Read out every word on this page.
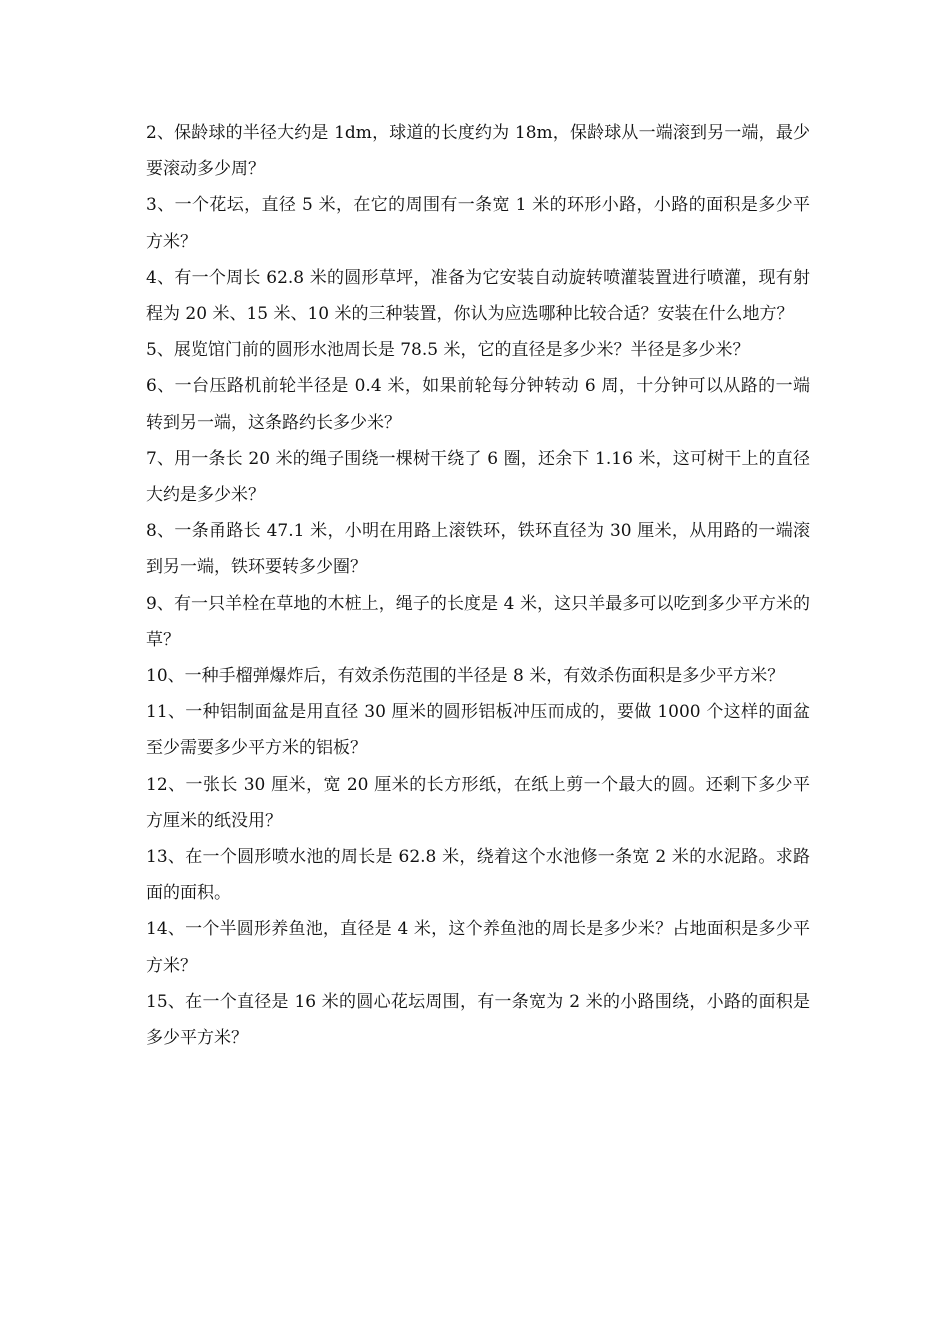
2、保龄球的半径大约是 1dm，球道的长度约为 18m，保龄球从一端滚到另一端，最少要滚动多少周？

3、一个花坛，直径 5 米，在它的周围有一条宽 1 米的环形小路，小路的面积是多少平方米？

4、有一个周长 62.8 米的圆形草坪，准备为它安装自动旋转喷灌装置进行喷灌，现有射程为 20 米、15 米、10 米的三种装置，你认为应选哪种比较合适？安装在什么地方？

5、展览馆门前的圆形水池周长是 78.5 米，它的直径是多少米？半径是多少米？

6、一台压路机前轮半径是 0.4 米，如果前轮每分钟转动 6 周，十分钟可以从路的一端转到另一端，这条路约长多少米？

7、用一条长 20 米的绳子围绕一棵树干绕了 6 圈，还余下 1.16 米，这可树干上的直径大约是多少米？

8、一条甬路长 47.1 米，小明在用路上滚铁环，铁环直径为 30 厘米，从用路的一端滚到另一端，铁环要转多少圈？

9、有一只羊栓在草地的木桩上，绳子的长度是 4 米，这只羊最多可以吃到多少平方米的草？

10、一种手榴弹爆炸后，有效杀伤范围的半径是 8 米，有效杀伤面积是多少平方米？

11、一种铝制面盆是用直径 30 厘米的圆形铝板冲压而成的，要做 1000 个这样的面盆至少需要多少平方米的铝板？

12、一张长 30 厘米，宽 20 厘米的长方形纸，在纸上剪一个最大的圆。还剩下多少平方厘米的纸没用？

13、在一个圆形喷水池的周长是 62.8 米，绕着这个水池修一条宽 2 米的水泥路。求路面的面积。

14、一个半圆形养鱼池，直径是 4 米，这个养鱼池的周长是多少米？占地面积是多少平方米？

15、在一个直径是 16 米的圆心花坛周围，有一条宽为 2 米的小路围绕，小路的面积是多少平方米？
